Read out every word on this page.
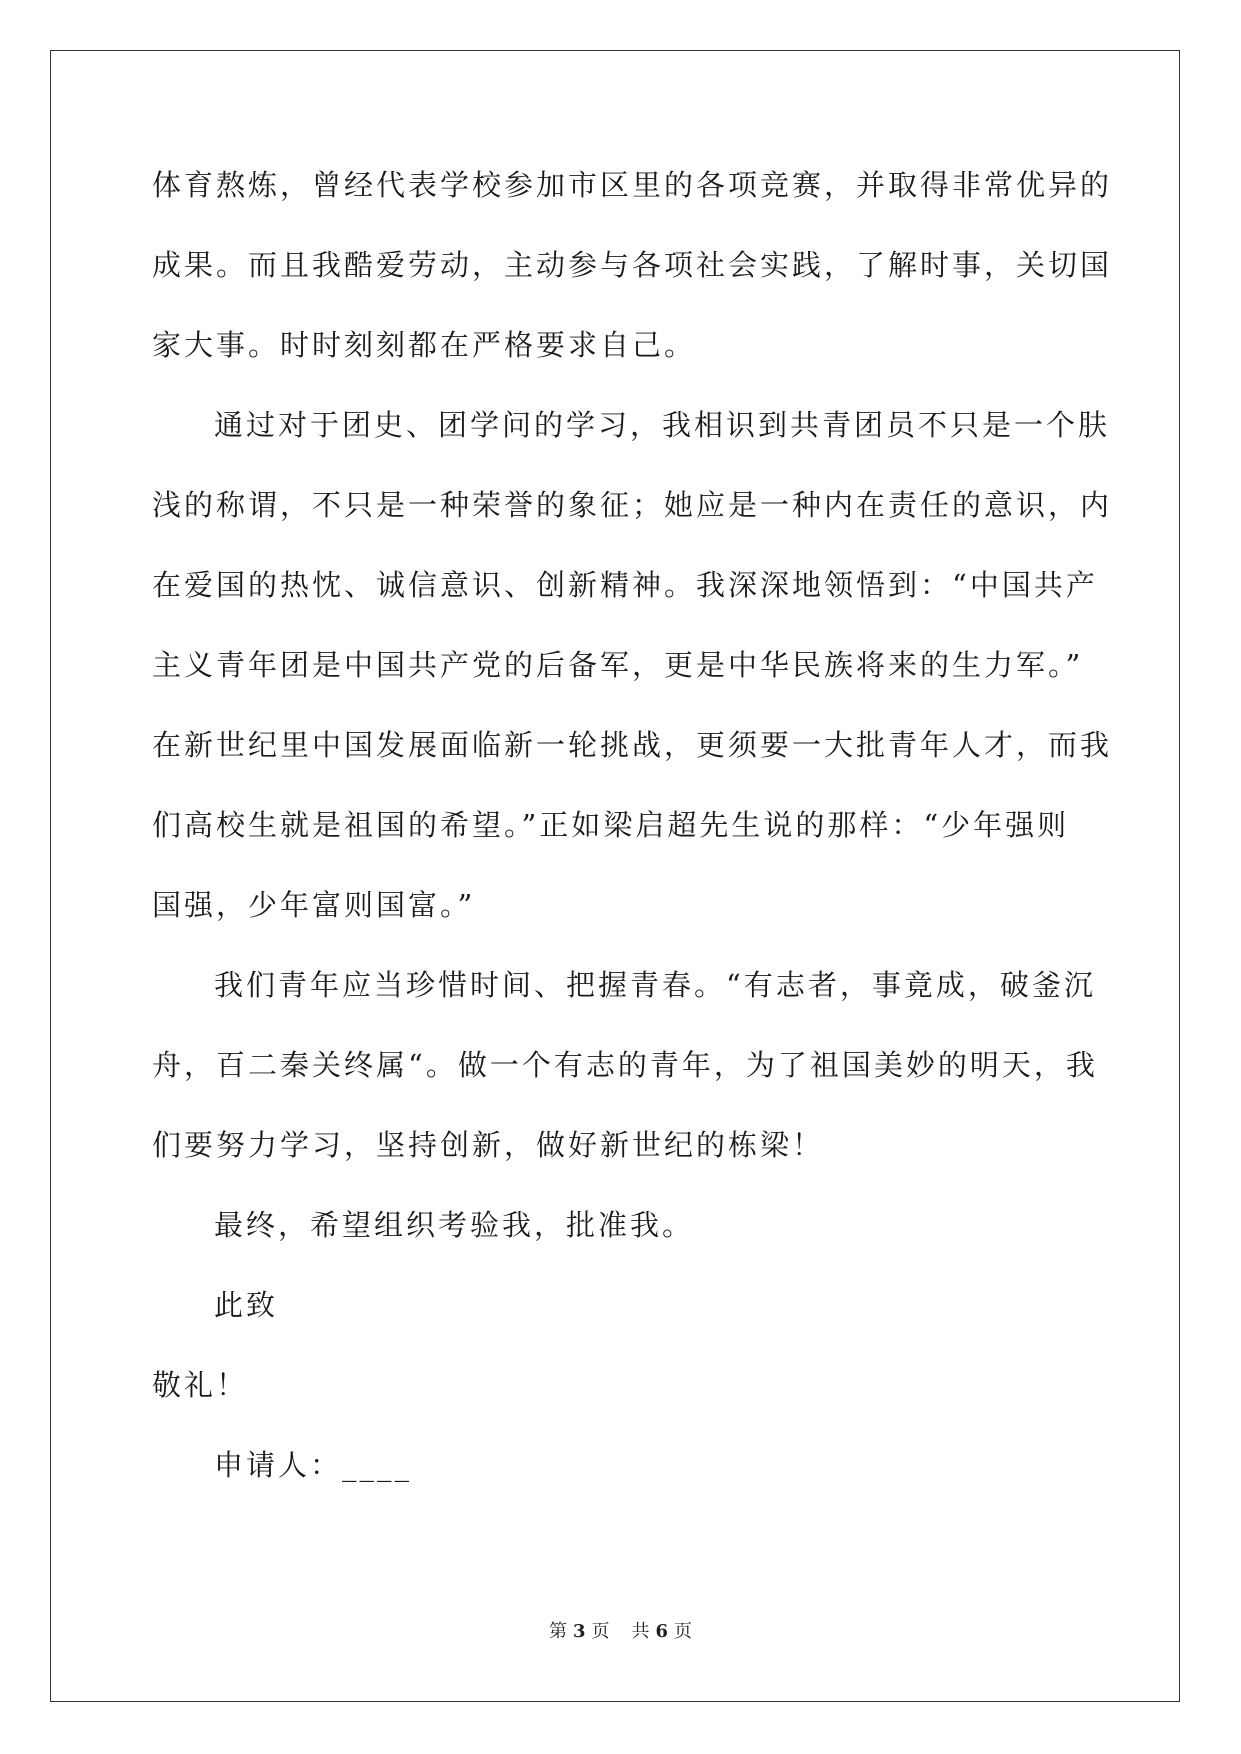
体育熬炼，曾经代表学校参加市区里的各项竞赛，并取得非常优异的
成果。而且我酷爱劳动，主动参与各项社会实践，了解时事，关切国
家大事。时时刻刻都在严格要求自己。
通过对于团史、团学问的学习，我相识到共青团员不只是一个肤
浅的称谓，不只是一种荣誉的象征；她应是一种内在责任的意识，内
在爱国的热忱、诚信意识、创新精神。我深深地领悟到：“中国共产
主义青年团是中国共产党的后备军，更是中华民族将来的生力军。”
在新世纪里中国发展面临新一轮挑战，更须要一大批青年人才，而我
们高校生就是祖国的希望。”正如梁启超先生说的那样：“少年强则
国强，少年富则国富。”
我们青年应当珍惜时间、把握青春。“有志者，事竟成，破釜沉
舟，百二秦关终属“。做一个有志的青年，为了祖国美妙的明天，我
们要努力学习，坚持创新，做好新世纪的栋梁！
最终，希望组织考验我，批准我。
此致
敬礼！
申请人：____
第 3 页 共 6 页
